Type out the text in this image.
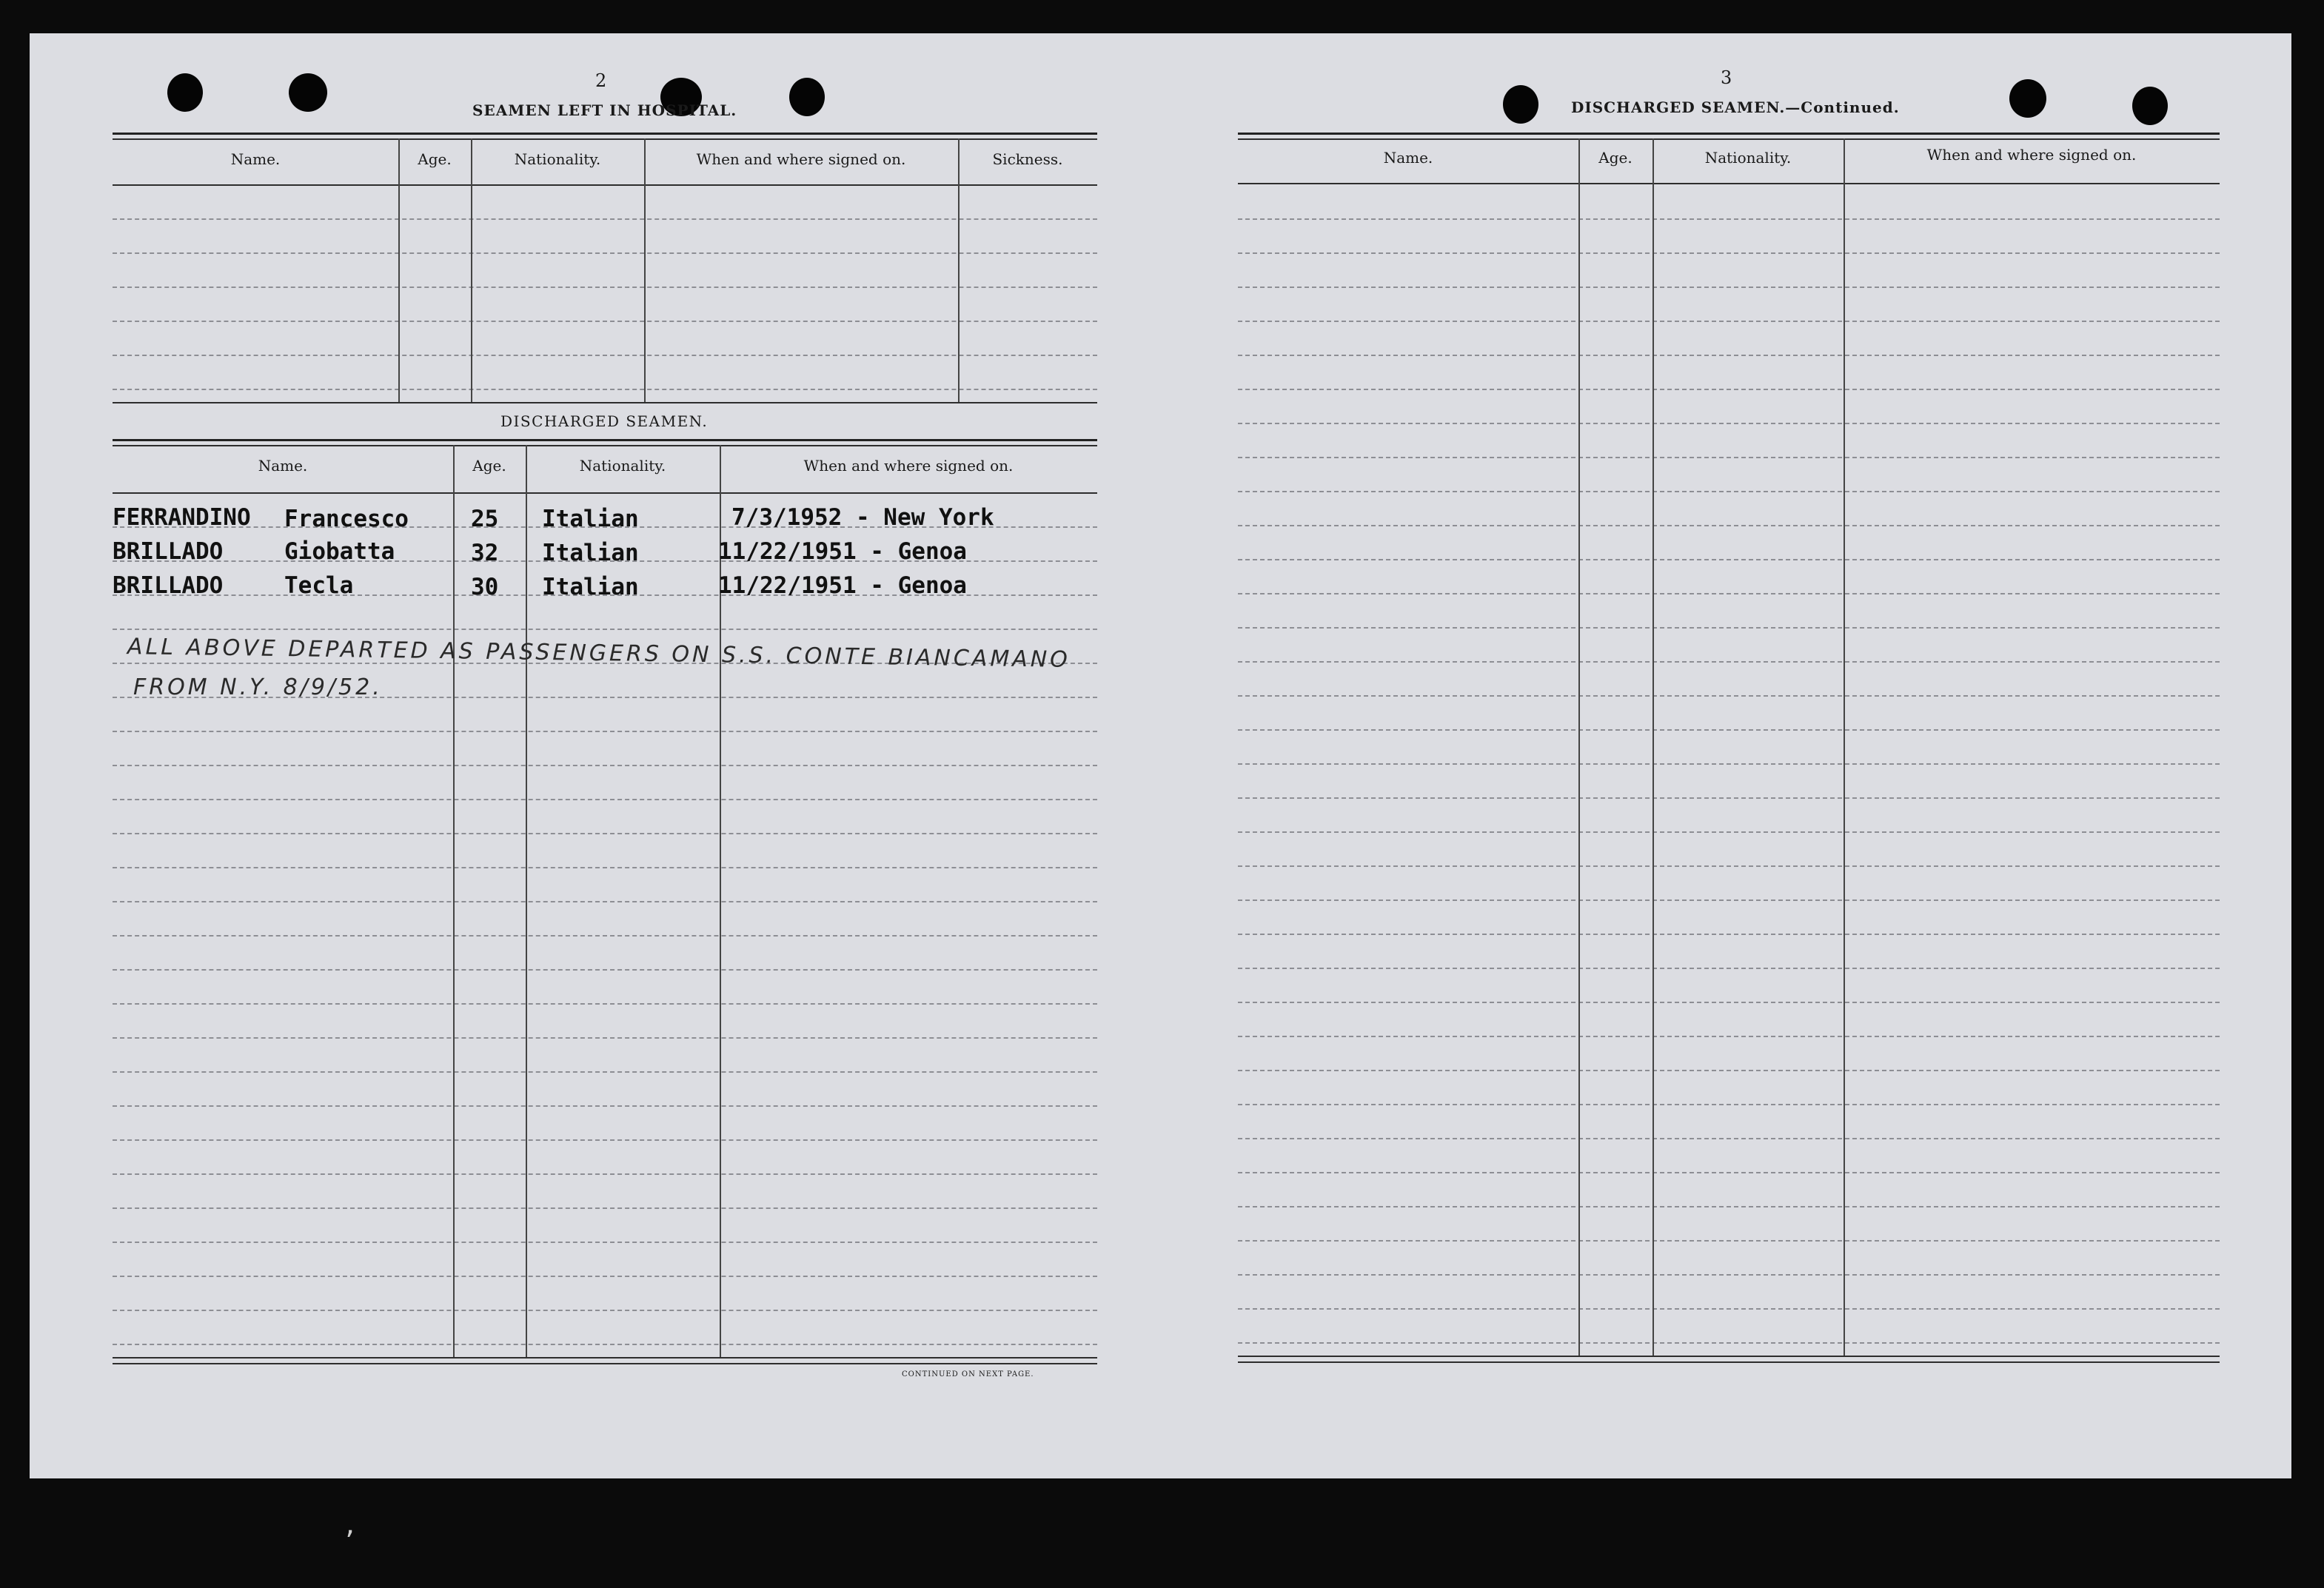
2
SEAMEN LEFT IN HOSPITAL.
Name.	Age.	Nationality.	When and where signed on.	Sickness.
DISCHARGED SEAMEN.
Name.	Age.	Nationality.	When and where signed on.
FERRANDINO Francesco	25 Italian	7/3/1952 - New York
BRILLADO	Giobatta	32 Italian	11/22/1951 - Genoa
BRILLADO	Tecla	30 Italian	11/22/1951 - Genoa
ALL ABOVE DEPARTED AS PASSENGERS ON S.S. CONTE BIANCAMANO
FROM N.Y. 8/9/52.
CONTINUED ON NEXT PAGE.
3
DISCHARGED SEAMEN.—Continued.
Name.	Age.	Nationality.	When and where signed on.
’
